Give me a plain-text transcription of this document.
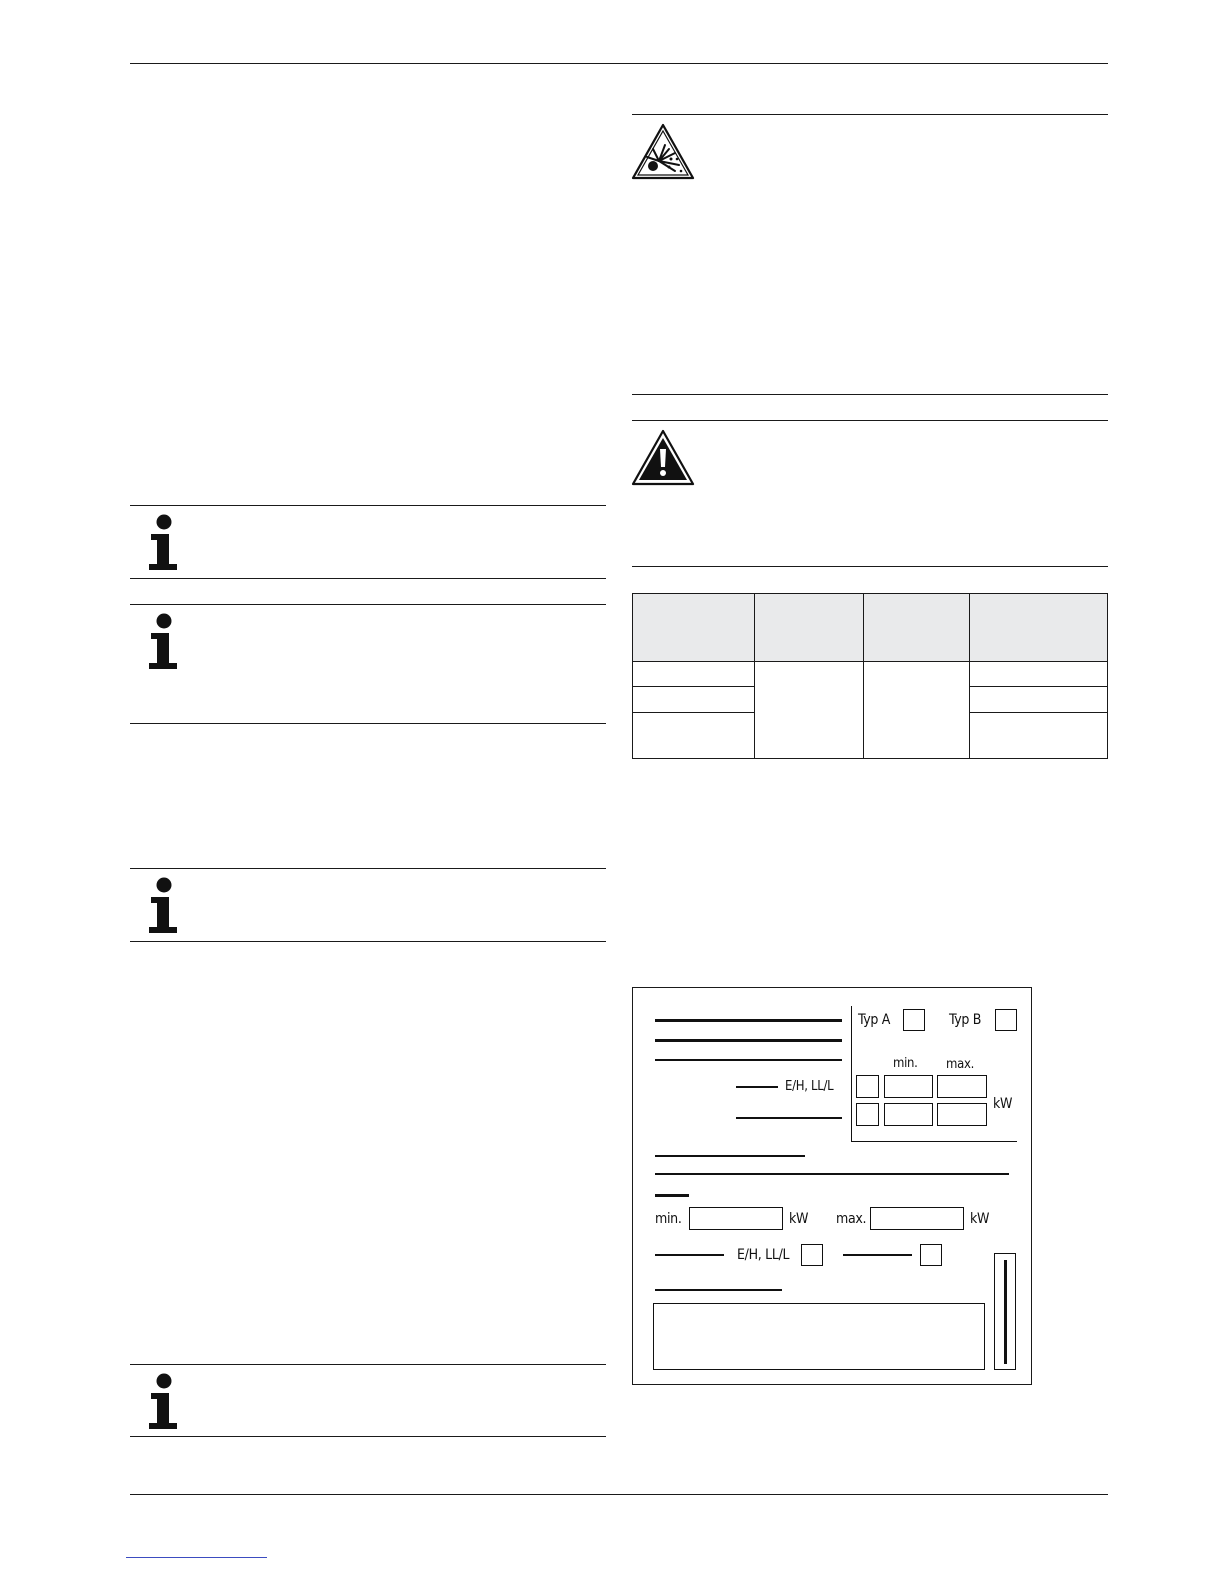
E/H, LL/L
Typ A	Typ B
min. max.
kW
min.	kW max.	kW
E/H, LL/L
